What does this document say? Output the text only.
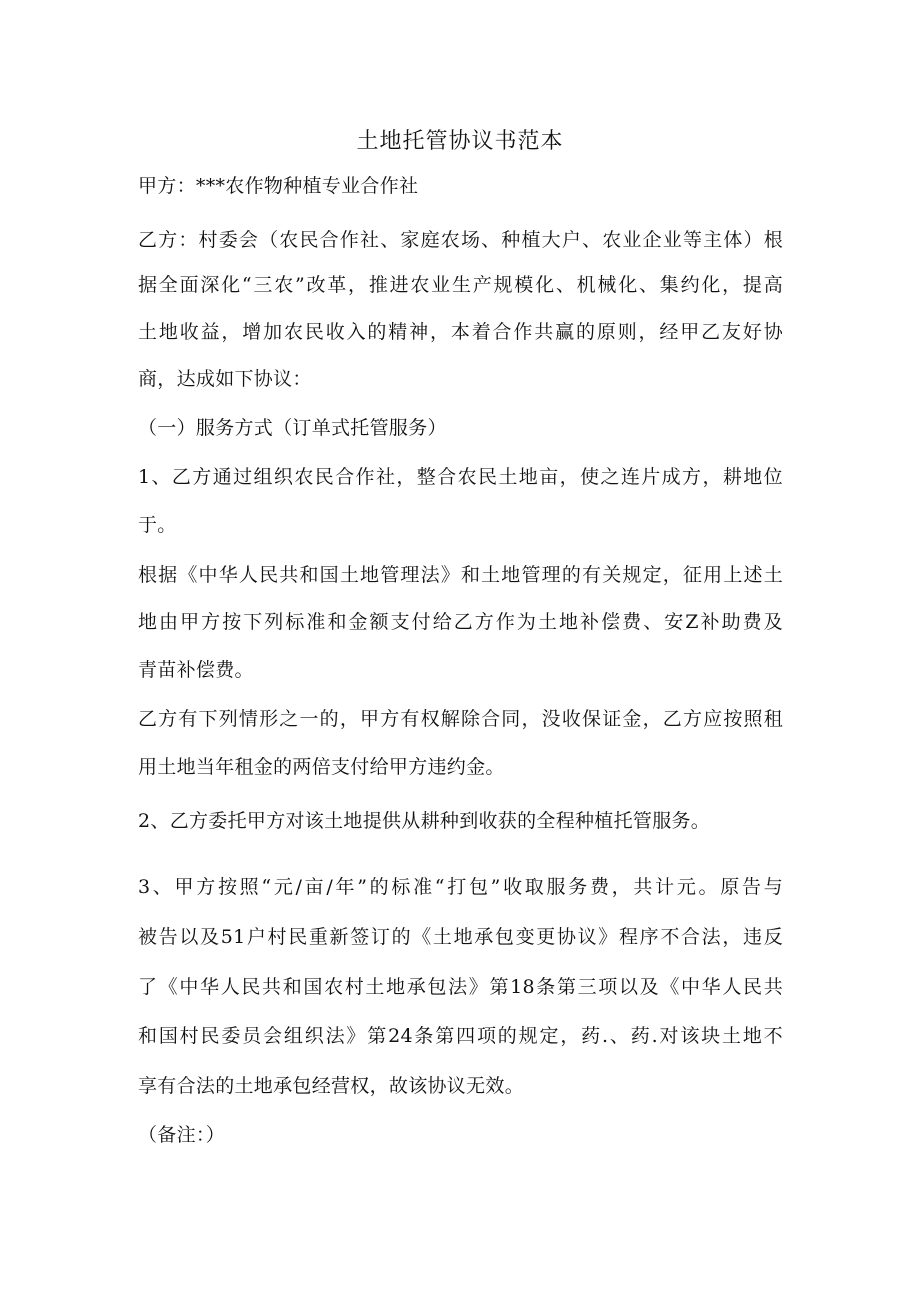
土地托管协议书范本
甲方：***农作物种植专业合作社
乙方：村委会（农民合作社、家庭农场、种植大户、农业企业等主体）根
据全面深化“三农”改革，推进农业生产规模化、机械化、集约化，提高
土地收益，增加农民收入的精神，本着合作共赢的原则，经甲乙友好协
商，达成如下协议：
（一）服务方式（订单式托管服务）
1、乙方通过组织农民合作社，整合农民土地亩，使之连片成方，耕地位
于。
根据《中华人民共和国土地管理法》和土地管理的有关规定，征用上述土
地由甲方按下列标准和金额支付给乙方作为土地补偿费、安Z补助费及
青苗补偿费。
乙方有下列情形之一的，甲方有权解除合同，没收保证金，乙方应按照租
用土地当年租金的两倍支付给甲方违约金。
2、乙方委托甲方对该土地提供从耕种到收获的全程种植托管服务。
3、甲方按照“元/亩/年”的标准“打包”收取服务费，共计元。原告与
被告以及51户村民重新签订的《土地承包变更协议》程序不合法，违反
了《中华人民共和国农村土地承包法》第18条第三项以及《中华人民共
和国村民委员会组织法》第24条第四项的规定，药.、药.对该块土地不
享有合法的土地承包经营权，故该协议无效。
（备注：）
